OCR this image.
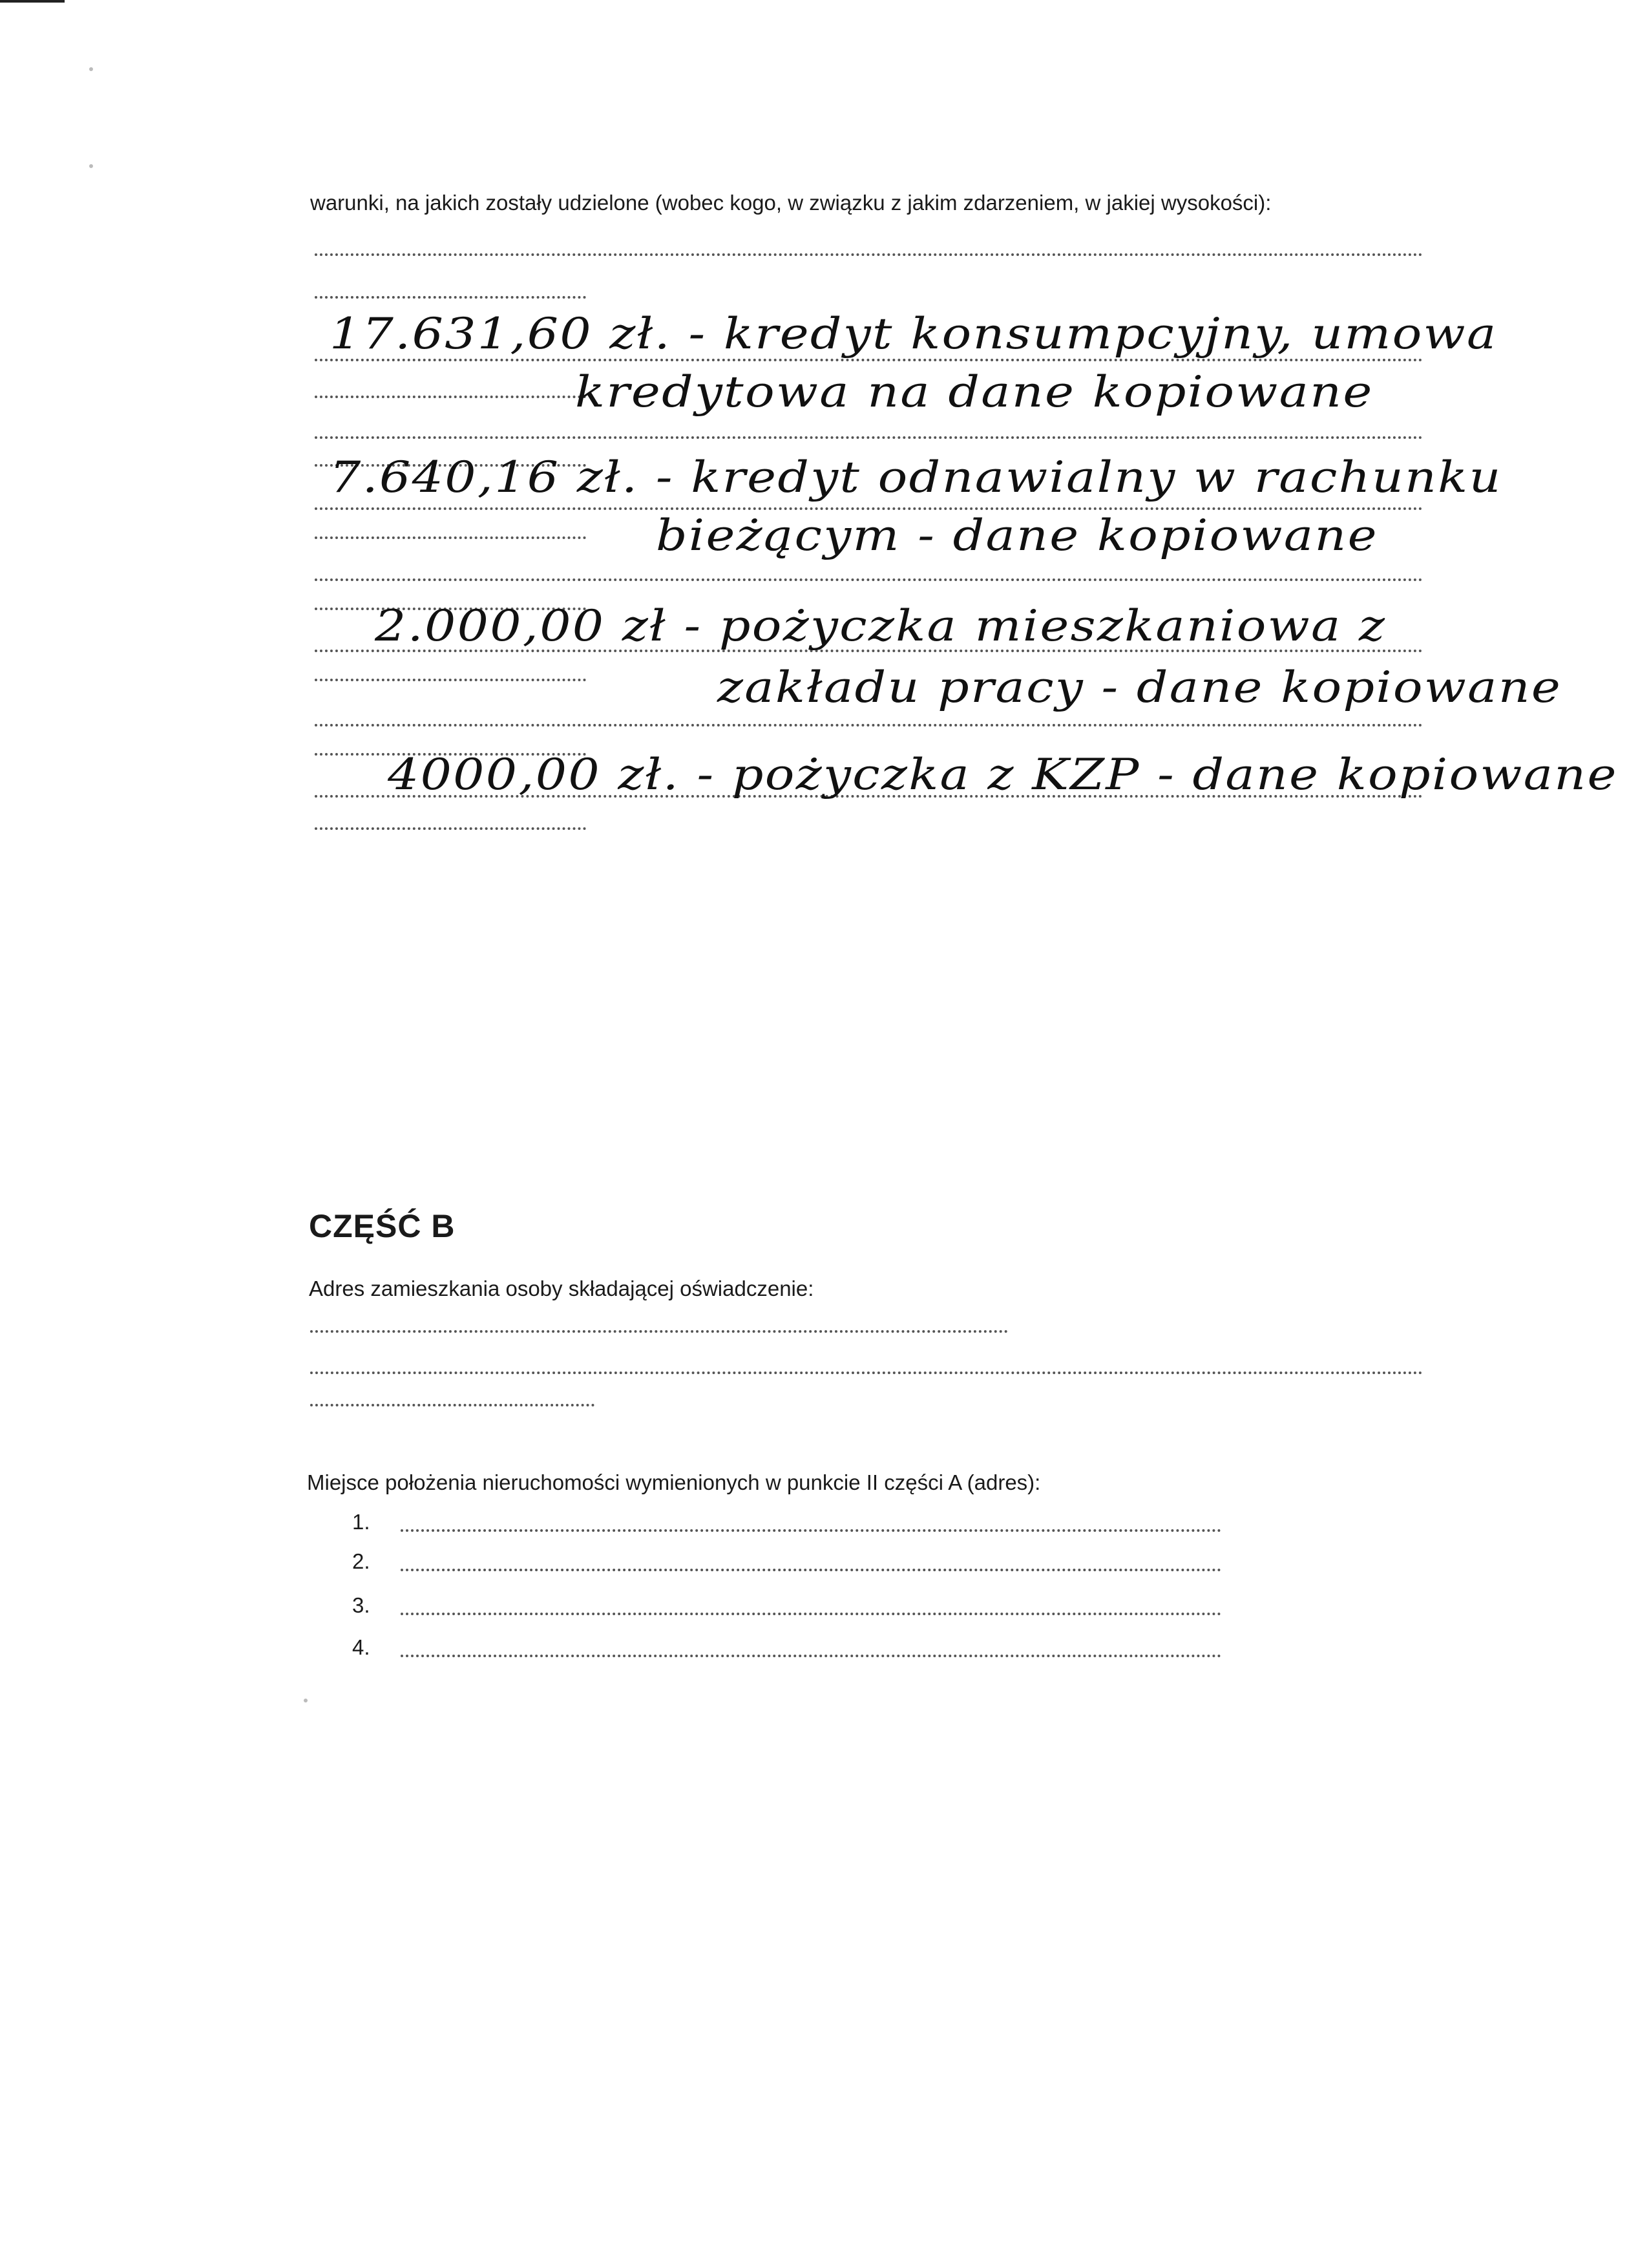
warunki, na jakich zostały udzielone (wobec kogo, w związku z jakim zdarzeniem, w jakiej wysokości):
17.631,60 zł. - kredyt konsumpcyjny, umowa
kredytowa na dane kopiowane
7.640,16 zł. - kredyt odnawialny w rachunku
bieżącym - dane kopiowane
2.000,00 zł - pożyczka mieszkaniowa z
zakładu pracy - dane kopiowane
4000,00 zł. - pożyczka z KZP - dane kopiowane
CZĘŚĆ B
Adres zamieszkania osoby składającej oświadczenie:
Miejsce położenia nieruchomości wymienionych w punkcie II części A (adres):
1.
2.
3.
4.
